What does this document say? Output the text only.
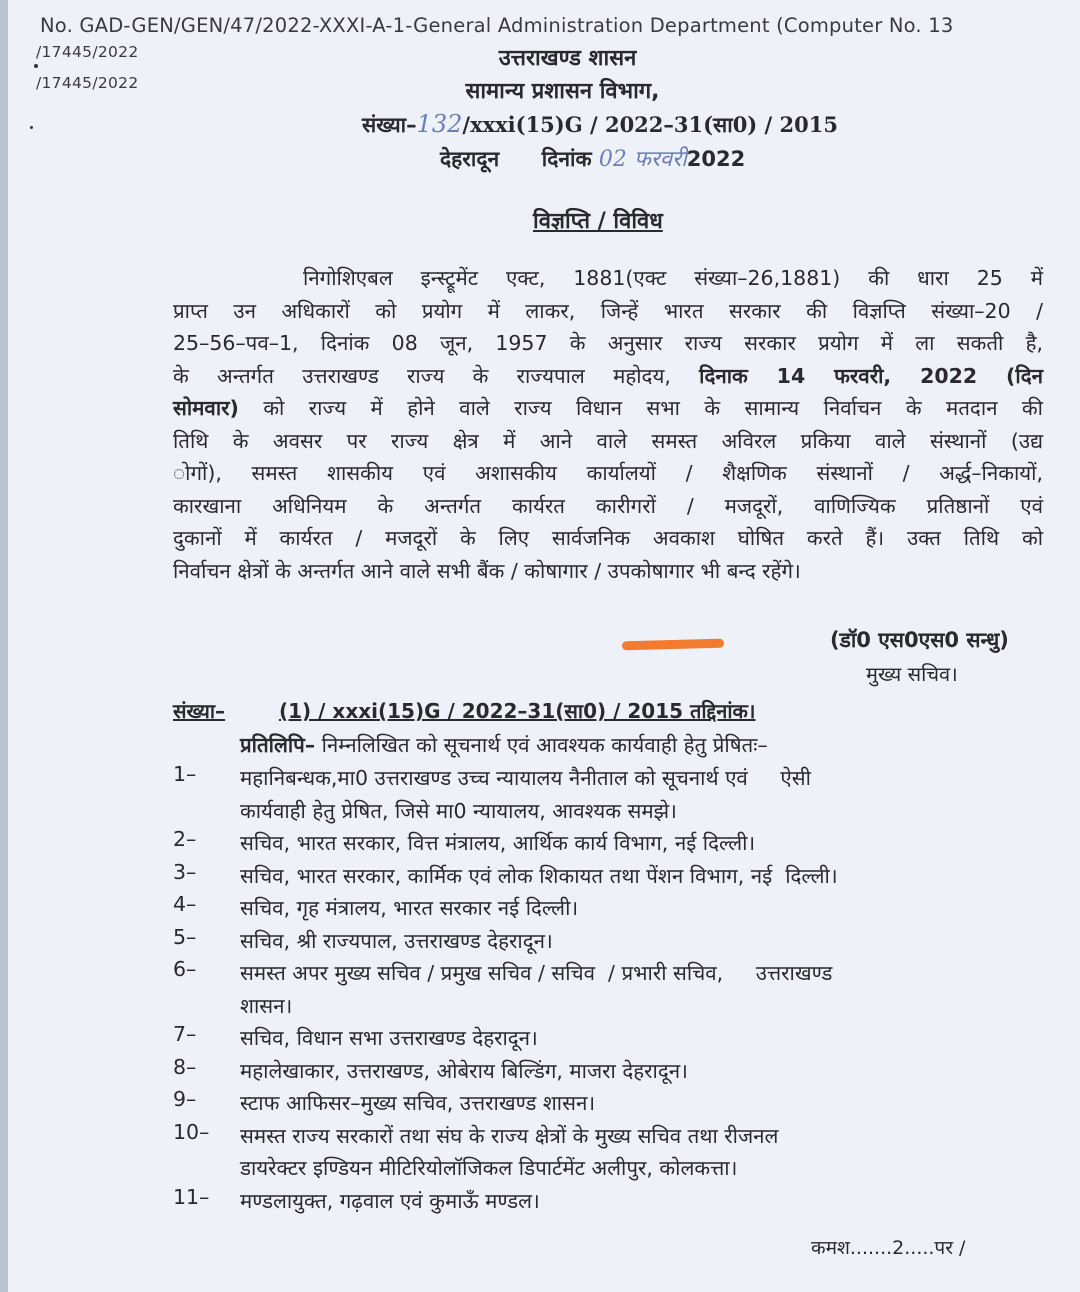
No. GAD-GEN/GEN/47/2022-XXXI-A-1-General Administration Department (Computer No. 13
/17445/2022
/17445/2022
उत्तराखण्ड शासन
सामान्य प्रशासन विभाग,
संख्या–132/xxxi(15)G / 2022–31(सा0) / 2015
देहरादून दिनांक 02 फरवरी2022
विज्ञप्ति / विविध
निगोशिएबल इन्स्ट्रूमेंट एक्ट, 1881(एक्ट संख्या–26,1881) की धारा 25 में
प्राप्त उन अधिकारों को प्रयोग में लाकर, जिन्हें भारत सरकार की विज्ञप्ति संख्या–20 /
25–56–पव–1, दिनांक 08 जून, 1957 के अनुसार राज्य सरकार प्रयोग में ला सकती है,
के अन्तर्गत उत्तराखण्ड राज्य के राज्यपाल महोदय, दिनाक 14 फरवरी, 2022 (दिन
सोमवार) को राज्य में होने वाले राज्य विधान सभा के सामान्य निर्वाचन के मतदान की
तिथि के अवसर पर राज्य क्षेत्र में आने वाले समस्त अविरल प्रकिया वाले संस्थानों (उद्य
ोगों), समस्त शासकीय एवं अशासकीय कार्यालयों / शैक्षणिक संस्थानों / अर्द्ध–निकायों,
कारखाना अधिनियम के अन्तर्गत कार्यरत कारीगरों / मजदूरों, वाणिज्यिक प्रतिष्ठानों एवं
दुकानों में कार्यरत / मजदूरों के लिए सार्वजनिक अवकाश घोषित करते हैं। उक्त तिथि को
निर्वाचन क्षेत्रों के अन्तर्गत आने वाले सभी बैंक / कोषागार / उपकोषागार भी बन्द रहेंगे।
(डॉ0 एस0एस0 सन्धु)
मुख्य सचिव।
संख्या–	(1) / xxxi(15)G / 2022–31(सा0) / 2015 तद्दिनांक।
प्रतिलिपि– निम्नलिखित को सूचनार्थ एवं आवश्यक कार्यवाही हेतु प्रेषितः–
1–	महानिबन्धक,मा0 उत्तराखण्ड उच्च न्यायालय नैनीताल को सूचनार्थ एवं     ऐसी
कार्यवाही हेतु प्रेषित, जिसे मा0 न्यायालय, आवश्यक समझे।
2–	सचिव, भारत सरकार, वित्त मंत्रालय, आर्थिक कार्य विभाग, नई दिल्ली।
3–	सचिव, भारत सरकार, कार्मिक एवं लोक शिकायत तथा पेंशन विभाग, नई  दिल्ली।
4–	सचिव, गृह मंत्रालय, भारत सरकार नई दिल्ली।
5–	सचिव, श्री राज्यपाल, उत्तराखण्ड देहरादून।
6–	समस्त अपर मुख्य सचिव / प्रमुख सचिव / सचिव  / प्रभारी सचिव,     उत्तराखण्ड
शासन।
7–	सचिव, विधान सभा उत्तराखण्ड देहरादून।
8–	महालेखाकार, उत्तराखण्ड, ओबेराय बिल्डिंग, माजरा देहरादून।
9–	स्टाफ आफिसर–मुख्य सचिव, उत्तराखण्ड शासन।
10–	समस्त राज्य सरकारों तथा संघ के राज्य क्षेत्रों के मुख्य सचिव तथा रीजनल
डायरेक्टर इण्डियन मीटिरियोलॉजिकल डिपार्टमेंट अलीपुर, कोलकत्ता।
11–	मण्डलायुक्त, गढ़वाल एवं कुमाऊँ मण्डल।
कमश.......2.....पर /
